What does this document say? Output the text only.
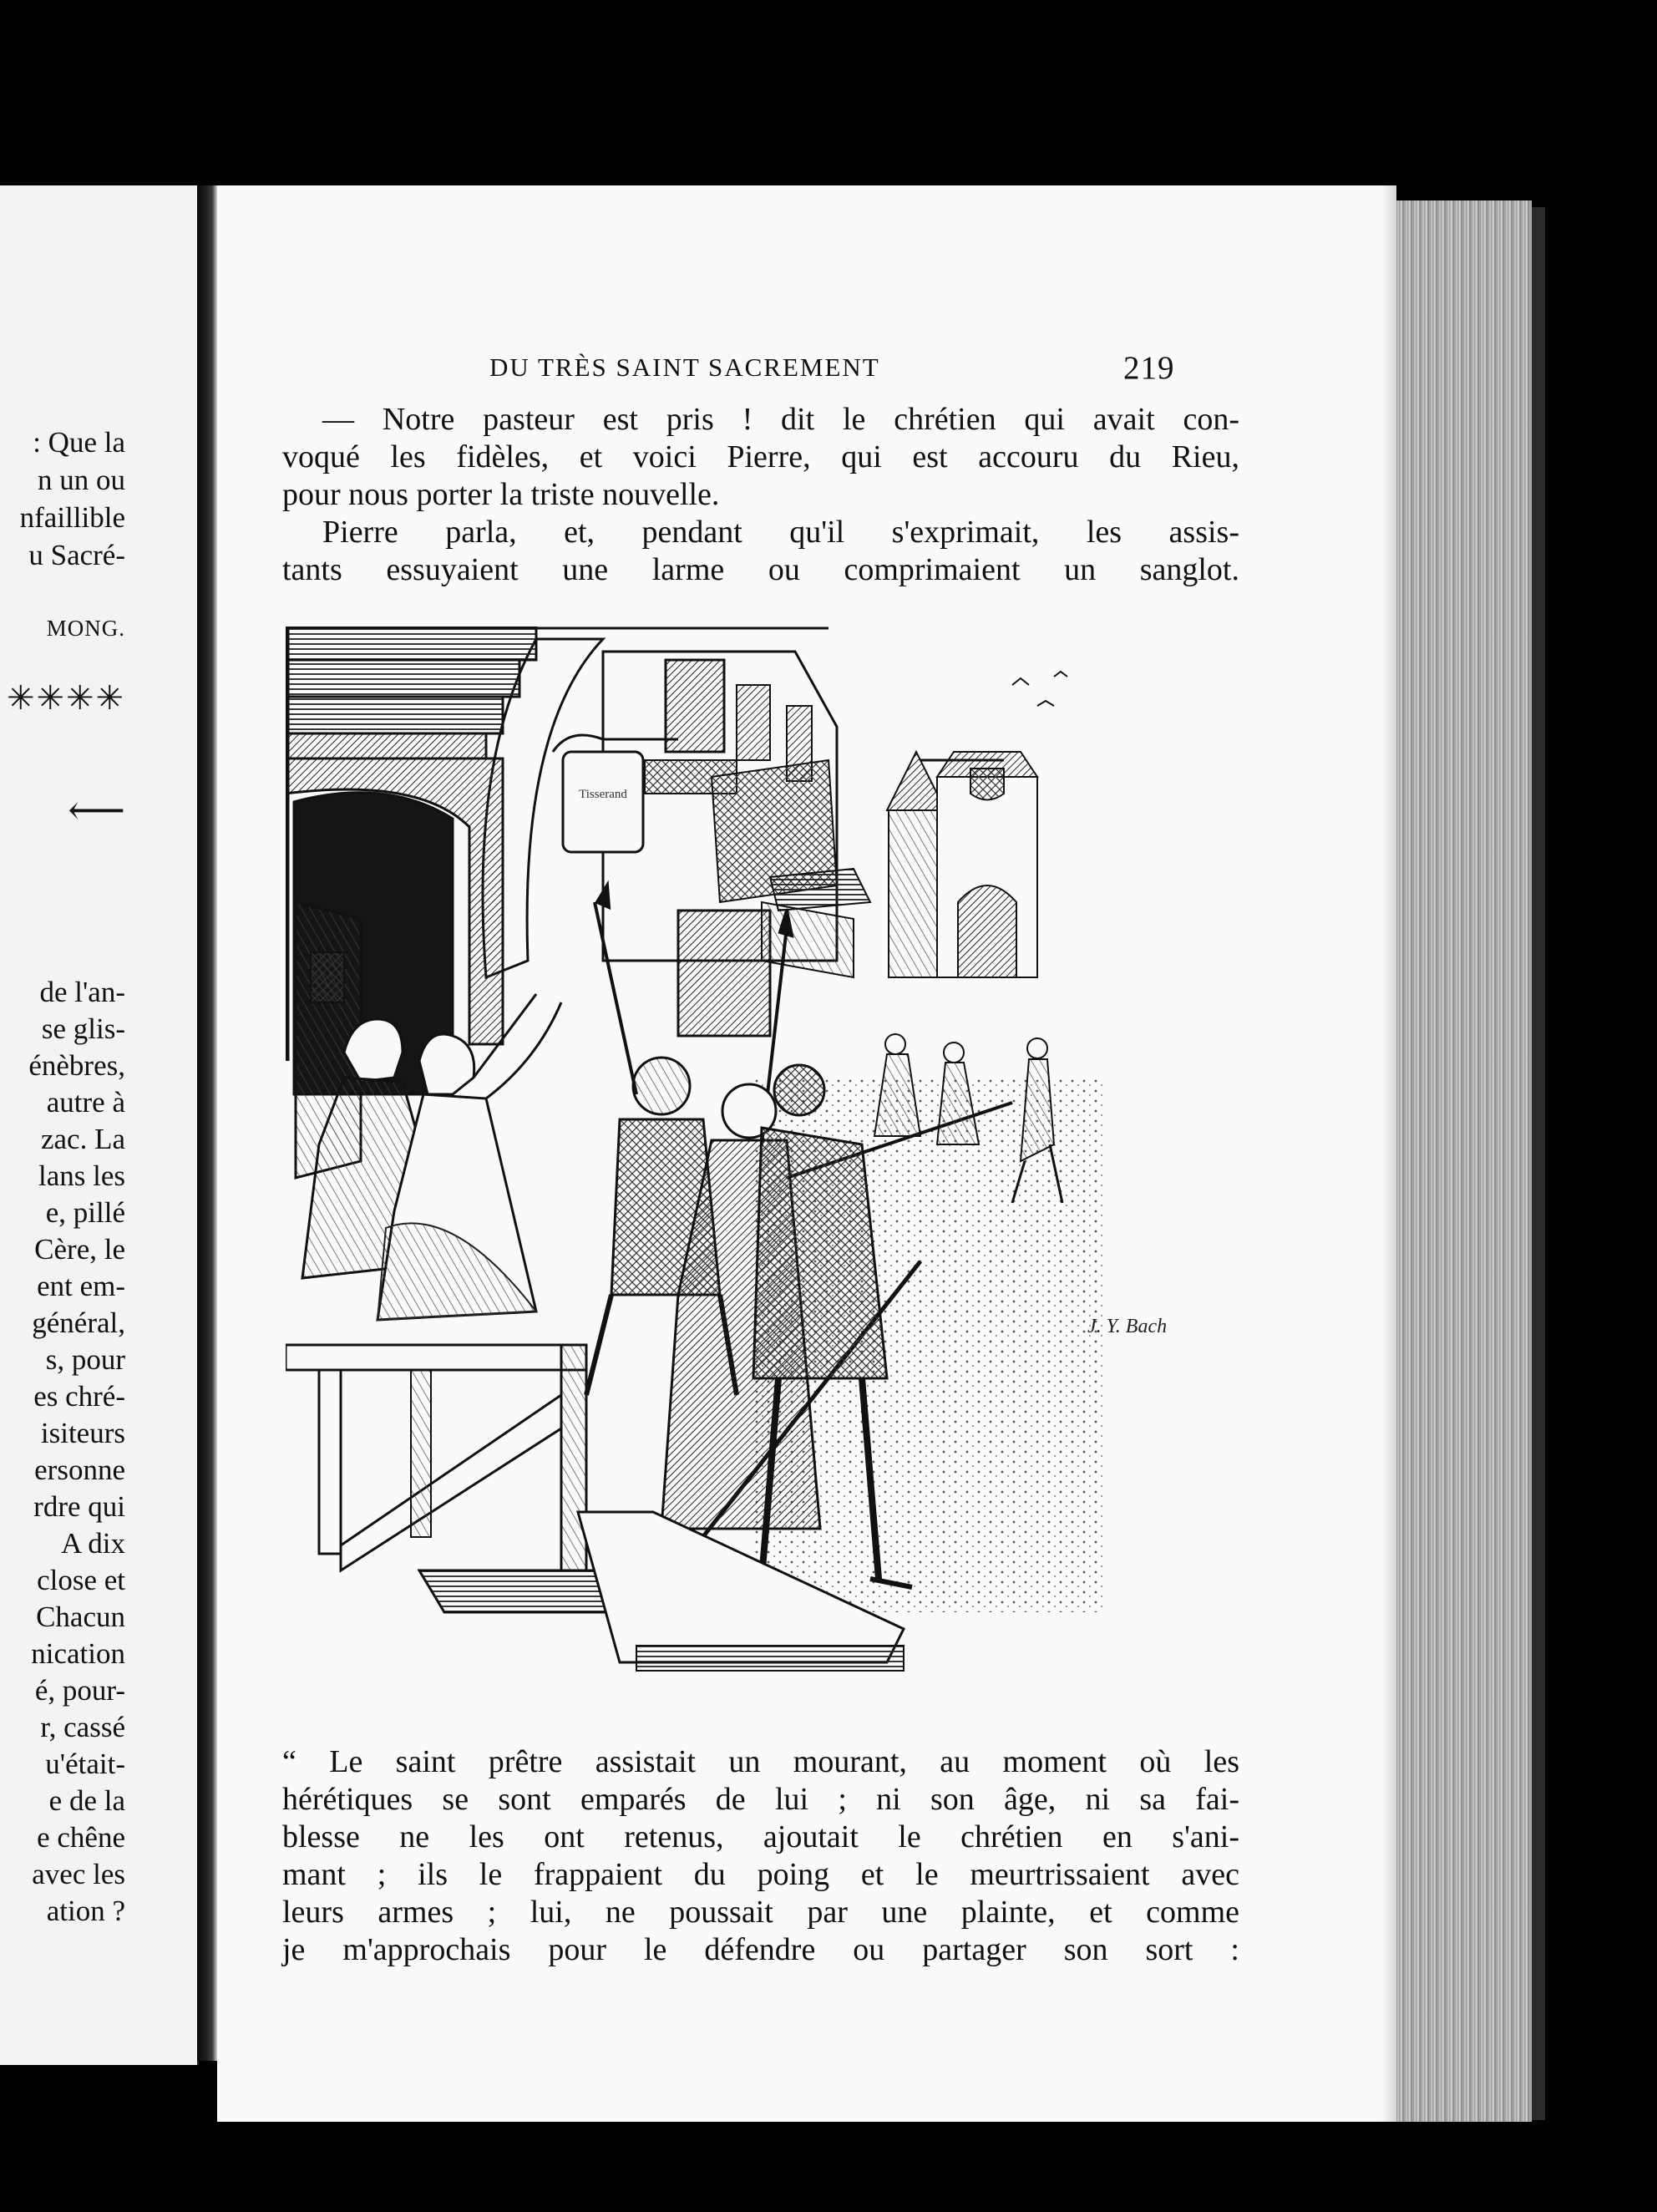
: Que la
n un ou
nfaillible
u Sacré-
MONG.
✳✳✳✳
⟵
de l'an-
se glis-
énèbres,
autre à
zac. La
lans les
e, pillé
Cère, le
ent em-
général,
s, pour
es chré-
isiteurs
ersonne
rdre qui
A dix
close et
Chacun
nication
é, pour-
r, cassé
u'était-
e de la
e chêne
avec les
ation ?
DU TRÈS SAINT SACREMENT	219

— Notre pasteur est pris ! dit le chrétien qui avait con-
voqué les fidèles, et voici Pierre, qui est accouru du Rieu,
pour nous porter la triste nouvelle.

Pierre parla, et, pendant qu'il s'exprimait, les assis-
tants essuyaient une larme ou comprimaient un sanglot.

Tisserand
J. Y. Bach

“ Le saint prêtre assistait un mourant, au moment où les
hérétiques se sont emparés de lui ; ni son âge, ni sa fai-
blesse ne les ont retenus, ajoutait le chrétien en s'ani-
mant ; ils le frappaient du poing et le meurtrissaient avec
leurs armes ; lui, ne poussait par une plainte, et comme
je m'approchais pour le défendre ou partager son sort :
